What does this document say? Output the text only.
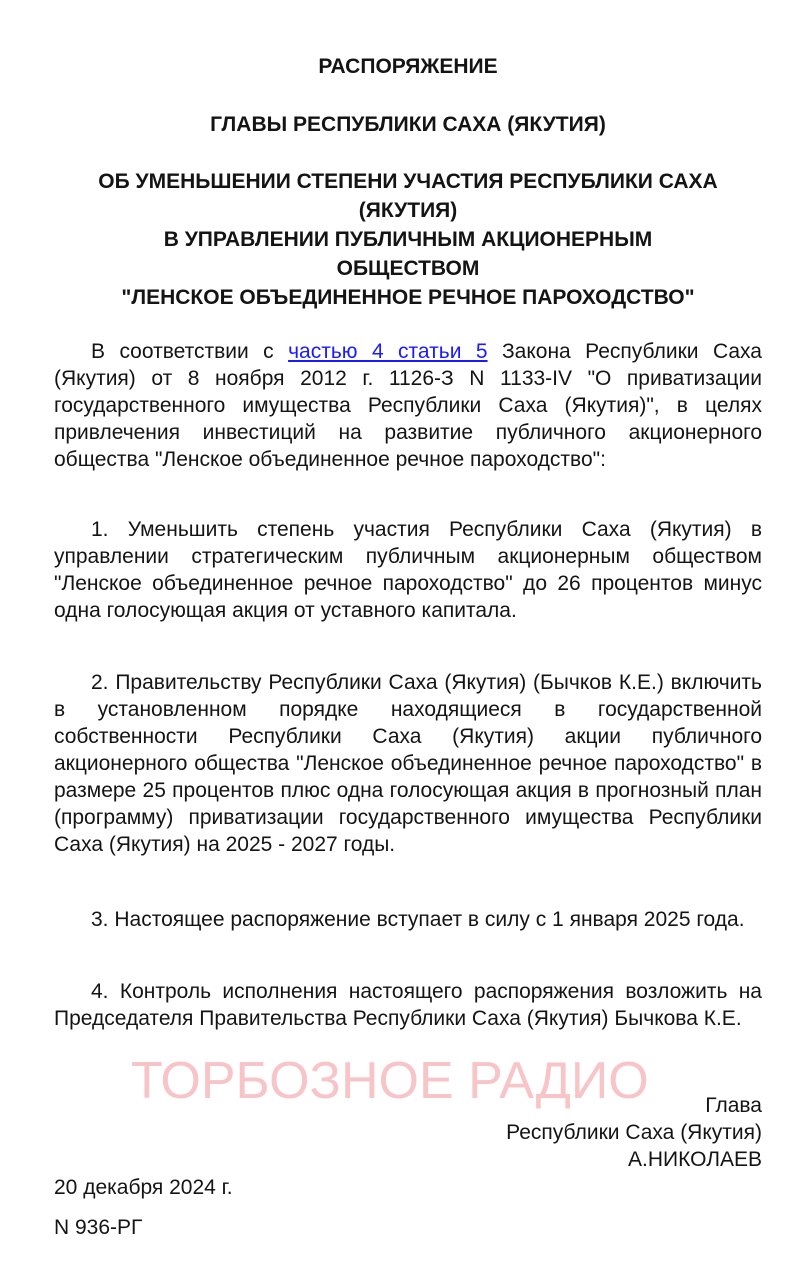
РАСПОРЯЖЕНИЕ
ГЛАВЫ РЕСПУБЛИКИ САХА (ЯКУТИЯ)
ОБ УМЕНЬШЕНИИ СТЕПЕНИ УЧАСТИЯ РЕСПУБЛИКИ САХА (ЯКУТИЯ)
В УПРАВЛЕНИИ ПУБЛИЧНЫМ АКЦИОНЕРНЫМ ОБЩЕСТВОМ
"ЛЕНСКОЕ ОБЪЕДИНЕННОЕ РЕЧНОЕ ПАРОХОДСТВО"

В соответствии с частью 4 статьи 5 Закона Республики Саха (Якутия) от 8 ноября 2012 г. 1126-З N 1133-IV "О приватизации государственного имущества Республики Саха (Якутия)", в целях привлечения инвестиций на развитие публичного акционерного общества "Ленское объединенное речное пароходство":

1. Уменьшить степень участия Республики Саха (Якутия) в управлении стратегическим публичным акционерным обществом "Ленское объединенное речное пароходство" до 26 процентов минус одна голосующая акция от уставного капитала.

2. Правительству Республики Саха (Якутия) (Бычков К.Е.) включить в установленном порядке находящиеся в государственной собственности Республики Саха (Якутия) акции публичного акционерного общества "Ленское объединенное речное пароходство" в размере 25 процентов плюс одна голосующая акция в прогнозный план (программу) приватизации государственного имущества Республики Саха (Якутия) на 2025 - 2027 годы.

3. Настоящее распоряжение вступает в силу с 1 января 2025 года.

4. Контроль исполнения настоящего распоряжения возложить на Председателя Правительства Республики Саха (Якутия) Бычкова К.Е.

ТОРБОЗНОЕ РАДИО	Глава
Республики Саха (Якутия)
А.НИКОЛАЕВ
20 декабря 2024 г.
N 936-РГ
